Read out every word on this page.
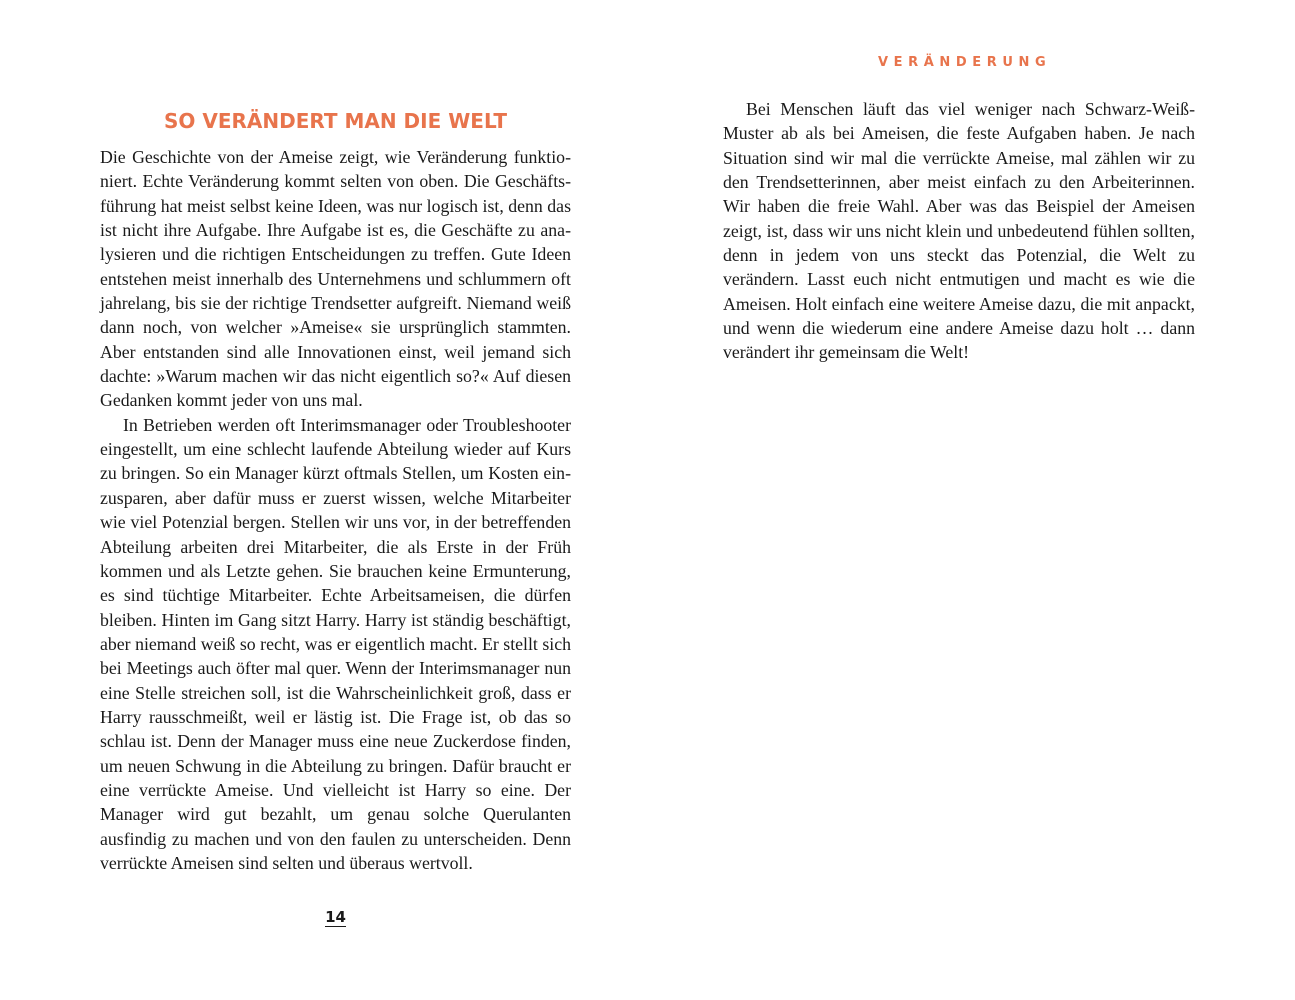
SO VERÄNDERT MAN DIE WELT

Die Geschichte von der Ameise zeigt, wie Veränderung funktioniert. Echte Veränderung kommt selten von oben. Die Geschäftsführung hat meist selbst keine Ideen, was nur logisch ist, denn das ist nicht ihre Aufgabe. Ihre Aufgabe ist es, die Geschäfte zu analysieren und die richtigen Entscheidungen zu treffen. Gute Ideen entstehen meist innerhalb des Unternehmens und schlummern oft jahrelang, bis sie der richtige Trendsetter aufgreift. Niemand weiß dann noch, von welcher »Ameise« sie ursprünglich stammten. Aber entstanden sind alle Innovationen einst, weil jemand sich dachte: »Warum machen wir das nicht eigentlich so?« Auf diesen Gedanken kommt jeder von uns mal.

In Betrieben werden oft Interimsmanager oder Troubleshooter eingestellt, um eine schlecht laufende Abteilung wieder auf Kurs zu bringen. So ein Manager kürzt oftmals Stellen, um Kosten einzusparen, aber dafür muss er zuerst wissen, welche Mitarbeiter wie viel Potenzial bergen. Stellen wir uns vor, in der betreffenden Abteilung arbeiten drei Mitarbeiter, die als Erste in der Früh kommen und als Letzte gehen. Sie brauchen keine Ermunterung, es sind tüchtige Mitarbeiter. Echte Arbeitsameisen, die dürfen bleiben. Hinten im Gang sitzt Harry. Harry ist ständig beschäftigt, aber niemand weiß so recht, was er eigentlich macht. Er stellt sich bei Meetings auch öfter mal quer. Wenn der Interimsmanager nun eine Stelle streichen soll, ist die Wahrscheinlichkeit groß, dass er Harry rausschmeißt, weil er lästig ist. Die Frage ist, ob das so schlau ist. Denn der Manager muss eine neue Zuckerdose finden, um neuen Schwung in die Abteilung zu bringen. Dafür braucht er eine verrückte Ameise. Und vielleicht ist Harry so eine. Der Manager wird gut bezahlt, um genau solche Querulanten ausfindig zu machen und von den faulen zu unterscheiden. Denn verrückte Ameisen sind selten und überaus wertvoll.

14
VERÄNDERUNG

Bei Menschen läuft das viel weniger nach Schwarz-Weiß-Muster ab als bei Ameisen, die feste Aufgaben haben. Je nach Situation sind wir mal die verrückte Ameise, mal zählen wir zu den Trendsetterinnen, aber meist einfach zu den Arbeiterinnen. Wir haben die freie Wahl. Aber was das Beispiel der Ameisen zeigt, ist, dass wir uns nicht klein und unbedeutend fühlen sollten, denn in jedem von uns steckt das Potenzial, die Welt zu verändern. Lasst euch nicht entmutigen und macht es wie die Ameisen. Holt einfach eine weitere Ameise dazu, die mit anpackt, und wenn die wiederum eine andere Ameise dazu holt … dann verändert ihr gemeinsam die Welt!
